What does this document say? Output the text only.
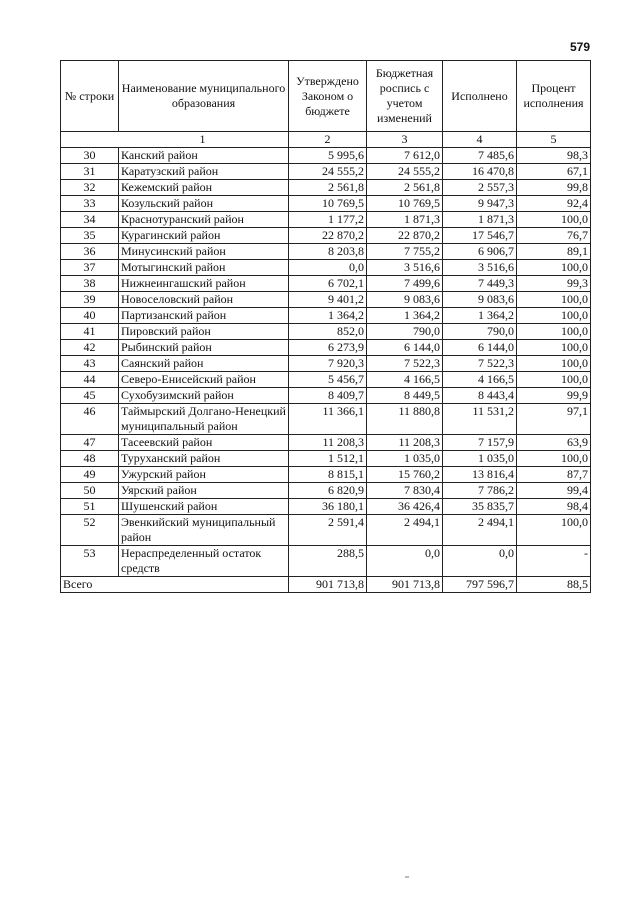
579
№ строки	Наименование муниципального образования	Утверждено Законом о бюджете	Бюджетная роспись с учетом изменений	Исполнено	Процент исполнения
1		2	3	4	5
30	Канский район	5 995,6	7 612,0	7 485,6	98,3
31	Каратузский район	24 555,2	24 555,2	16 470,8	67,1
32	Кежемский район	2 561,8	2 561,8	2 557,3	99,8
33	Козульский район	10 769,5	10 769,5	9 947,3	92,4
34	Краснотуранский район	1 177,2	1 871,3	1 871,3	100,0
35	Курагинский район	22 870,2	22 870,2	17 546,7	76,7
36	Минусинский район	8 203,8	7 755,2	6 906,7	89,1
37	Мотыгинский район	0,0	3 516,6	3 516,6	100,0
38	Нижнеингашский район	6 702,1	7 499,6	7 449,3	99,3
39	Новоселовский район	9 401,2	9 083,6	9 083,6	100,0
40	Партизанский район	1 364,2	1 364,2	1 364,2	100,0
41	Пировский район	852,0	790,0	790,0	100,0
42	Рыбинский район	6 273,9	6 144,0	6 144,0	100,0
43	Саянский район	7 920,3	7 522,3	7 522,3	100,0
44	Северо-Енисейский район	5 456,7	4 166,5	4 166,5	100,0
45	Сухобузимский район	8 409,7	8 449,5	8 443,4	99,9
46	Таймырский Долгано-Ненецкий муниципальный район	11 366,1	11 880,8	11 531,2	97,1
47	Тасеевский район	11 208,3	11 208,3	7 157,9	63,9
48	Туруханский район	1 512,1	1 035,0	1 035,0	100,0
49	Ужурский район	8 815,1	15 760,2	13 816,4	87,7
50	Уярский район	6 820,9	7 830,4	7 786,2	99,4
51	Шушенский район	36 180,1	36 426,4	35 835,7	98,4
52	Эвенкийский муниципальный район	2 591,4	2 494,1	2 494,1	100,0
53	Нераспределенный остаток средств	288,5	0,0	0,0	-
Всего		901 713,8	901 713,8	797 596,7	88,5
